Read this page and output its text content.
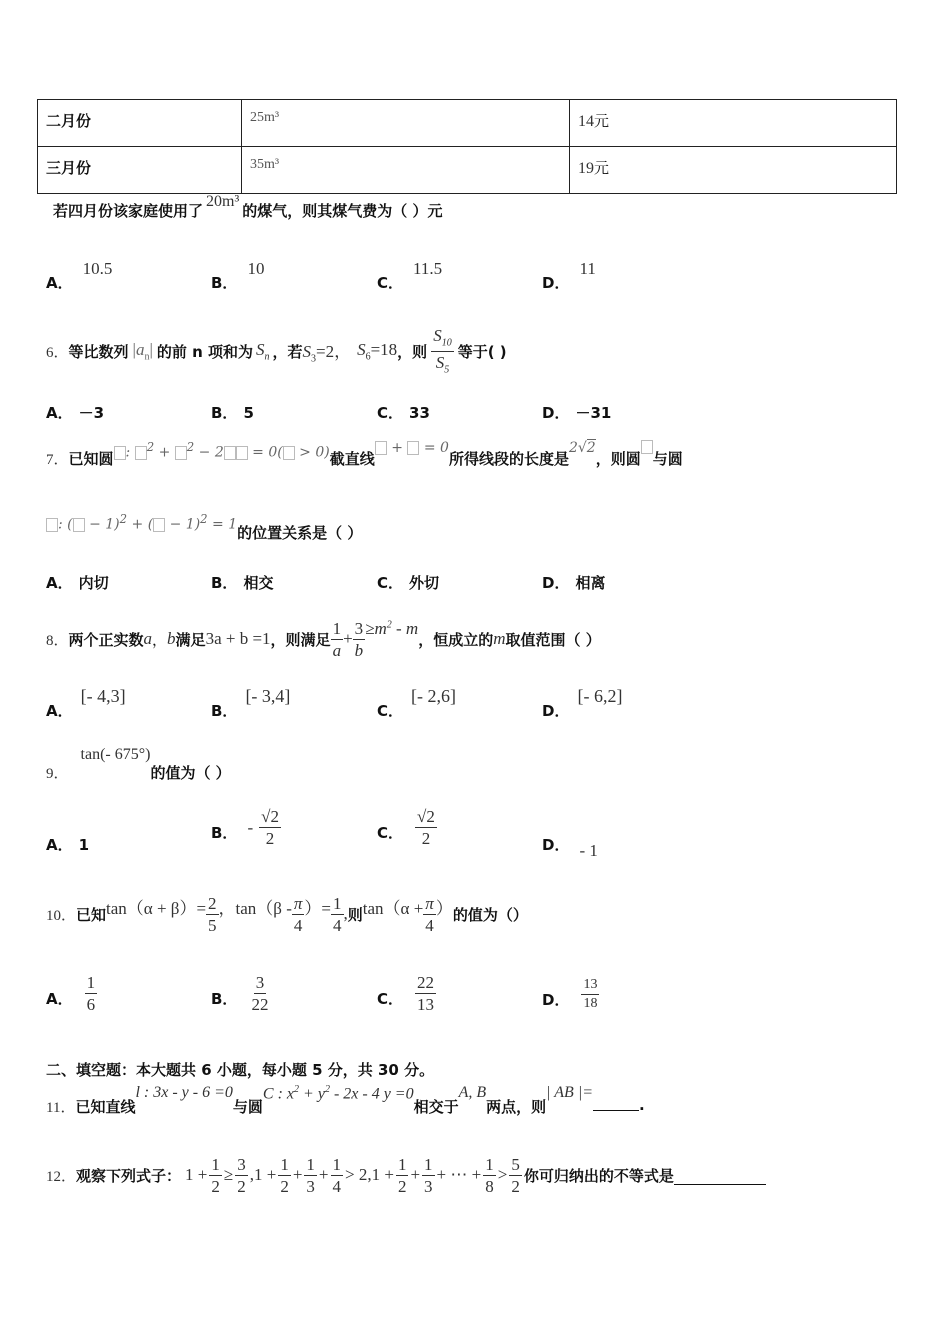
二月份	25m³	14元

三月份	35m³	19元
若四月份该家庭使用了20m³的煤气，则其煤气费为（ ）元
A．10.5
B．10
C．11.5
D．11
6． 等比数列 $|a_n|$ 的前 n 项和为 $S_n$ ，若 $S_3=2$， $S_6=18$ ，则 $\frac{S_{10}}{S_5}$ 等于( )
A． －3	B． 5	C． 33	D． －31
7． 已知圆 : $^2$ + $^2$ − 2 = 0( > 0) 截直线
+  = 0
所得线段的长度是
2√2
，则圆 与圆
: ( − 1)$^2$ + ( − 1)$^2$ = 1 的位置关系是（ ）
A． 内切	B． 相交	C． 外切	D． 相离
8． 两个正实数 a ， b 满足 3a + b =1 ，则满足 $\frac{1}{a} + \frac{3}{b} \ge m^2 - m$
，恒成立的 m 取值范围（ ）
A．[- 4,3]
B．[- 3,4]
C．[- 2,6]
D．[- 6,2]
9．
tan(- 675°)
的值为（ ）
A． 1
B． - $\frac{√2}{2}$	C． $\frac{√2}{2}$	D． - 1
10． 已知 $\tan(\alpha + \beta)= \frac{2}{5}$ ，$\tan(\beta - \frac{\pi}{4}$ ）= $\frac{1}{4}$ , 则 $\tan(\alpha + \frac{\pi}{4}$ ） 的值为（）
A． $\frac{1}{6}$	B． $\frac{3}{22}$	C． $\frac{22}{13}$	D． $\frac{13}{18}$
二、填空题：本大题共 6 小题，每小题 5 分，共 30 分。
11． 已知直线
l : 3x - y - 6 =0
与圆
C : $x^2 + y^2 - 2x - 4$ y =0
相交于
A, B
两点，则
| AB |=
.
12． 观察下列式子： $1 + \frac{1}{2} \ge \frac{3}{2} ,1 + \frac{1}{2} + \frac{1}{3} + \frac{1}{4} > 2,1 + \frac{1}{2} + \frac{1}{3}$ + ⋯ + $\frac{1}{8} > \frac{5}{2}$ 你可归纳出的不等式是
